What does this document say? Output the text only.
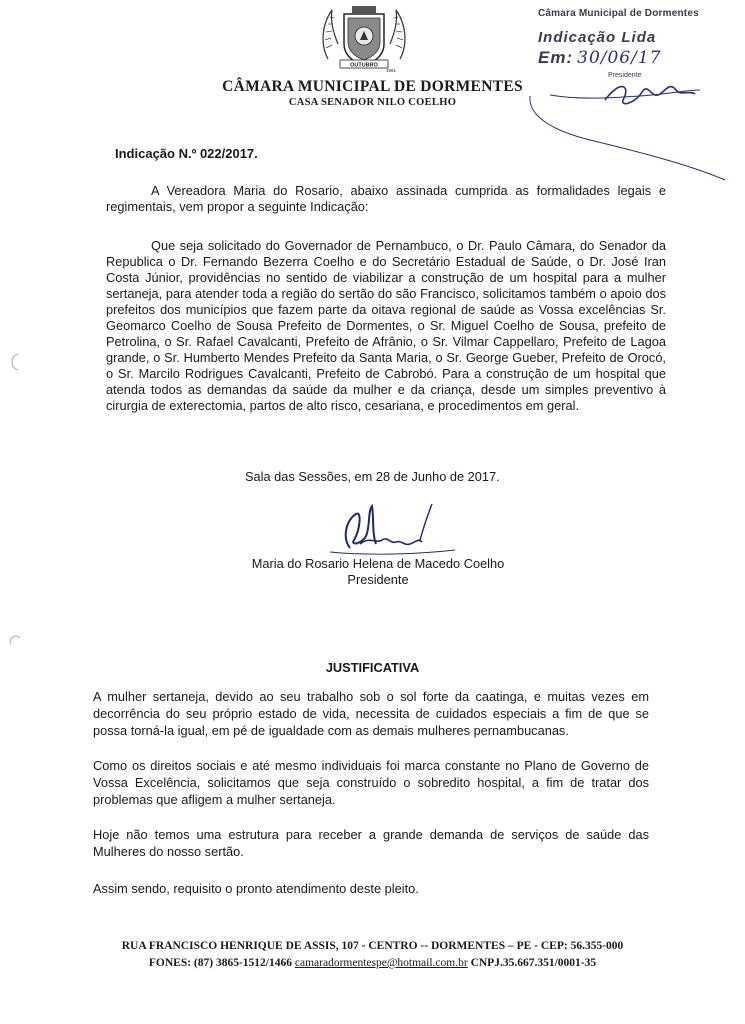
OUTUBRO
1991
Câmara Municipal de Dormentes
Indicação Lida
Em: 30/06/17
Presidente
CÂMARA MUNICIPAL DE DORMENTES
CASA SENADOR NILO COELHO
Indicação N.º 022/2017.
A Vereadora Maria do Rosario, abaixo assinada cumprida as formalidades legais e regimentais, vem propor a seguinte Indicação:
Que seja solicitado do Governador de Pernambuco, o Dr. Paulo Câmara, do Senador da Republica o Dr. Fernando Bezerra Coelho e do Secretário Estadual de Saúde, o Dr. José Iran Costa Júnior, providências no sentido de viabilizar a construção de um hospital para a mulher sertaneja, para atender toda a região do sertão do são Francisco, solicitamos também o apoio dos prefeitos dos municípios que fazem parte da oitava regional de saúde as Vossa excelências Sr. Geomarco Coelho de Sousa Prefeito de Dormentes, o Sr. Miguel Coelho de Sousa, prefeito de Petrolina, o Sr. Rafael Cavalcanti, Prefeito de Afrânio, o Sr. Vilmar Cappellaro, Prefeito de Lagoa grande, o Sr. Humberto Mendes Prefeito da Santa Maria, o Sr. George Gueber, Prefeito de Orocó, o Sr. Marcilo Rodrigues Cavalcanti, Prefeito de Cabrobó. Para a construção de um hospital que atenda todos as demandas da saúde da mulher e da criança, desde um simples preventivo à cirurgia de exterectomia, partos de alto risco, cesariana, e procedimentos em geral.
Sala das Sessões, em 28 de Junho de 2017.
Maria do Rosario Helena de Macedo Coelho
Presidente
JUSTIFICATIVA
A mulher sertaneja, devido ao seu trabalho sob o sol forte da caatinga, e muitas vezes em decorrência do seu próprio estado de vida, necessita de cuidados especiais a fim de que se possa torná-la igual, em pé de igualdade com as demais mulheres pernambucanas.
Como os direitos sociais e até mesmo individuais foi marca constante no Plano de Governo de Vossa Excelência, solicitamos que seja construído o sobredito hospital, a fim de tratar dos problemas que afligem a mulher sertaneja.
Hoje não temos uma estrutura para receber a grande demanda de serviços de saúde das Mulheres do nosso sertão.
Assim sendo, requisito o pronto atendimento deste pleito.
RUA FRANCISCO HENRIQUE DE ASSIS, 107 - CENTRO -- DORMENTES – PE - CEP: 56.355-000
FONES: (87) 3865-1512/1466 camaradormentespe@hotmail.com.br CNPJ.35.667.351/0001-35
